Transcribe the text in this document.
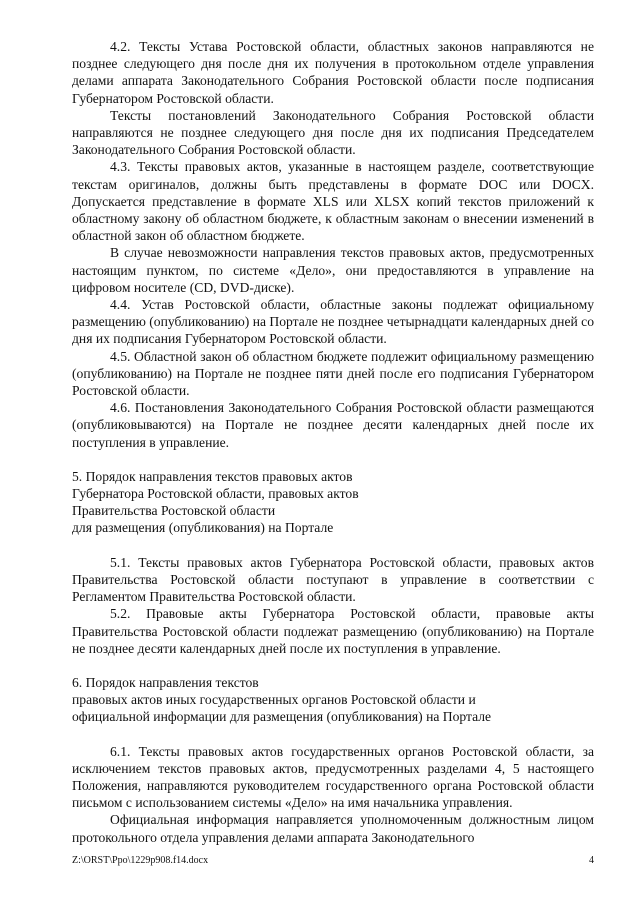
4.2. Тексты Устава Ростовской области, областных законов направляются не позднее следующего дня после дня их получения в протокольном отделе управления делами аппарата Законодательного Собрания Ростовской области после подписания Губернатором Ростовской области.

Тексты постановлений Законодательного Собрания Ростовской области направляются не позднее следующего дня после дня их подписания Председателем Законодательного Собрания Ростовской области.

4.3. Тексты правовых актов, указанные в настоящем разделе, соответствующие текстам оригиналов, должны быть представлены в формате DOC или DOCX. Допускается представление в формате XLS или XLSX копий текстов приложений к областному закону об областном бюджете, к областным законам о внесении изменений в областной закон об областном бюджете.

В случае невозможности направления текстов правовых актов, предусмотренных настоящим пунктом, по системе «Дело», они предоставляются в управление на цифровом носителе (CD, DVD-диске).

4.4. Устав Ростовской области, областные законы подлежат официальному размещению (опубликованию) на Портале не позднее четырнадцати календарных дней со дня их подписания Губернатором Ростовской области.

4.5. Областной закон об областном бюджете подлежит официальному размещению (опубликованию) на Портале не позднее пяти дней после его подписания Губернатором Ростовской области.

4.6. Постановления Законодательного Собрания Ростовской области размещаются (опубликовываются) на Портале не позднее десяти календарных дней после их поступления в управление.

5. Порядок направления текстов правовых актов
Губернатора Ростовской области, правовых актов
Правительства Ростовской области
для размещения (опубликования) на Портале

5.1. Тексты правовых актов Губернатора Ростовской области, правовых актов Правительства Ростовской области поступают в управление в соответствии с Регламентом Правительства Ростовской области.

5.2. Правовые акты Губернатора Ростовской области, правовые акты Правительства Ростовской области подлежат размещению (опубликованию) на Портале не позднее десяти календарных дней после их поступления в управление.

6. Порядок направления текстов
правовых актов иных государственных органов Ростовской области и
официальной информации для размещения (опубликования) на Портале

6.1. Тексты правовых актов государственных органов Ростовской области, за исключением текстов правовых актов, предусмотренных разделами 4, 5 настоящего Положения, направляются руководителем государственного органа Ростовской области письмом с использованием системы «Дело» на имя начальника управления.

Официальная информация направляется уполномоченным должностным лицом протокольного отдела управления делами аппарата Законодательного

Z:\ORST\Ppo\1229p908.f14.docx	4
